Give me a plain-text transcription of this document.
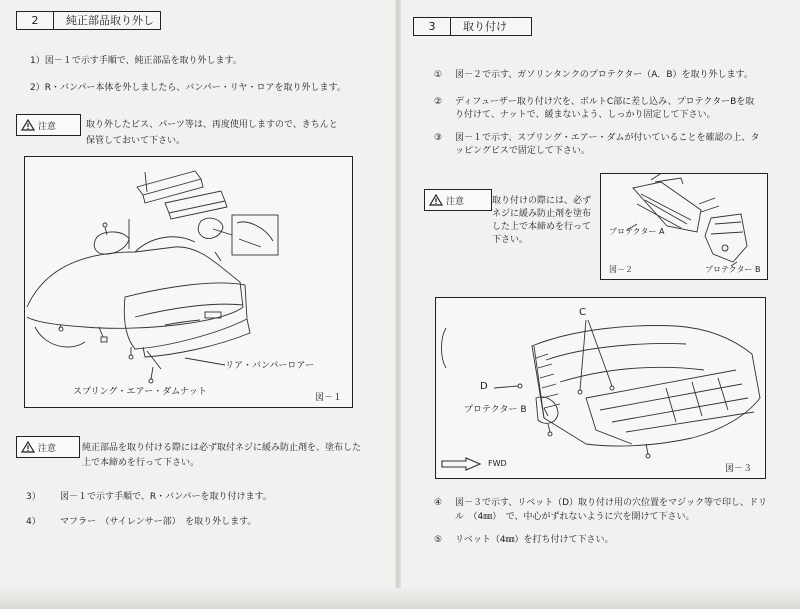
2	純正部品取り外し
1）図－１で示す手順で、純正部品を取り外します。
2）R・バンパー本体を外しましたら、バンパー・リヤ・ロアを取り外します。
注意	取り外したビス、パーツ等は、再度使用しますので、きちんと
保管しておいて下さい。
リア・バンパーロアー
スプリング・エアー・ダムナット
図－１
注意	純正部品を取り付ける際には必ず取付ネジに緩み防止剤を、塗布した
上で本締めを行って下さい。
3） 図－１で示す手順で、R・バンパーを取り付けます。
4） マフラー　（サイレンサー部）　を取り外します。
3	取り付け
① 図－２で示す、ガソリンタンクのプロテクター（A．B）を取り外します。
② ディフューザー取り付け穴を、ボルトC部に差し込み、プロテクターBを取
り付けて、ナットで、緩まないよう、しっかり固定して下さい。
③ 図－１で示す、スプリング・エアー・ダムが付いていることを確認の上、タ
ッピングビスで固定して下さい。
注意	取り付けの際には、必ず
ネジに緩み防止剤を塗布
した上で本締めを行って
下さい。
プロテクター A
プロテクター B
図－２
C
D
プロテクター B
FWD
図－３
④ 図－３で示す、リベット（D）取り付け用の穴位置をマジック等で印し、ドリ
ル　（4㎜）　で、中心がずれないように穴を開けて下さい。
⑤ リベット（4㎜）を打ち付けて下さい。
